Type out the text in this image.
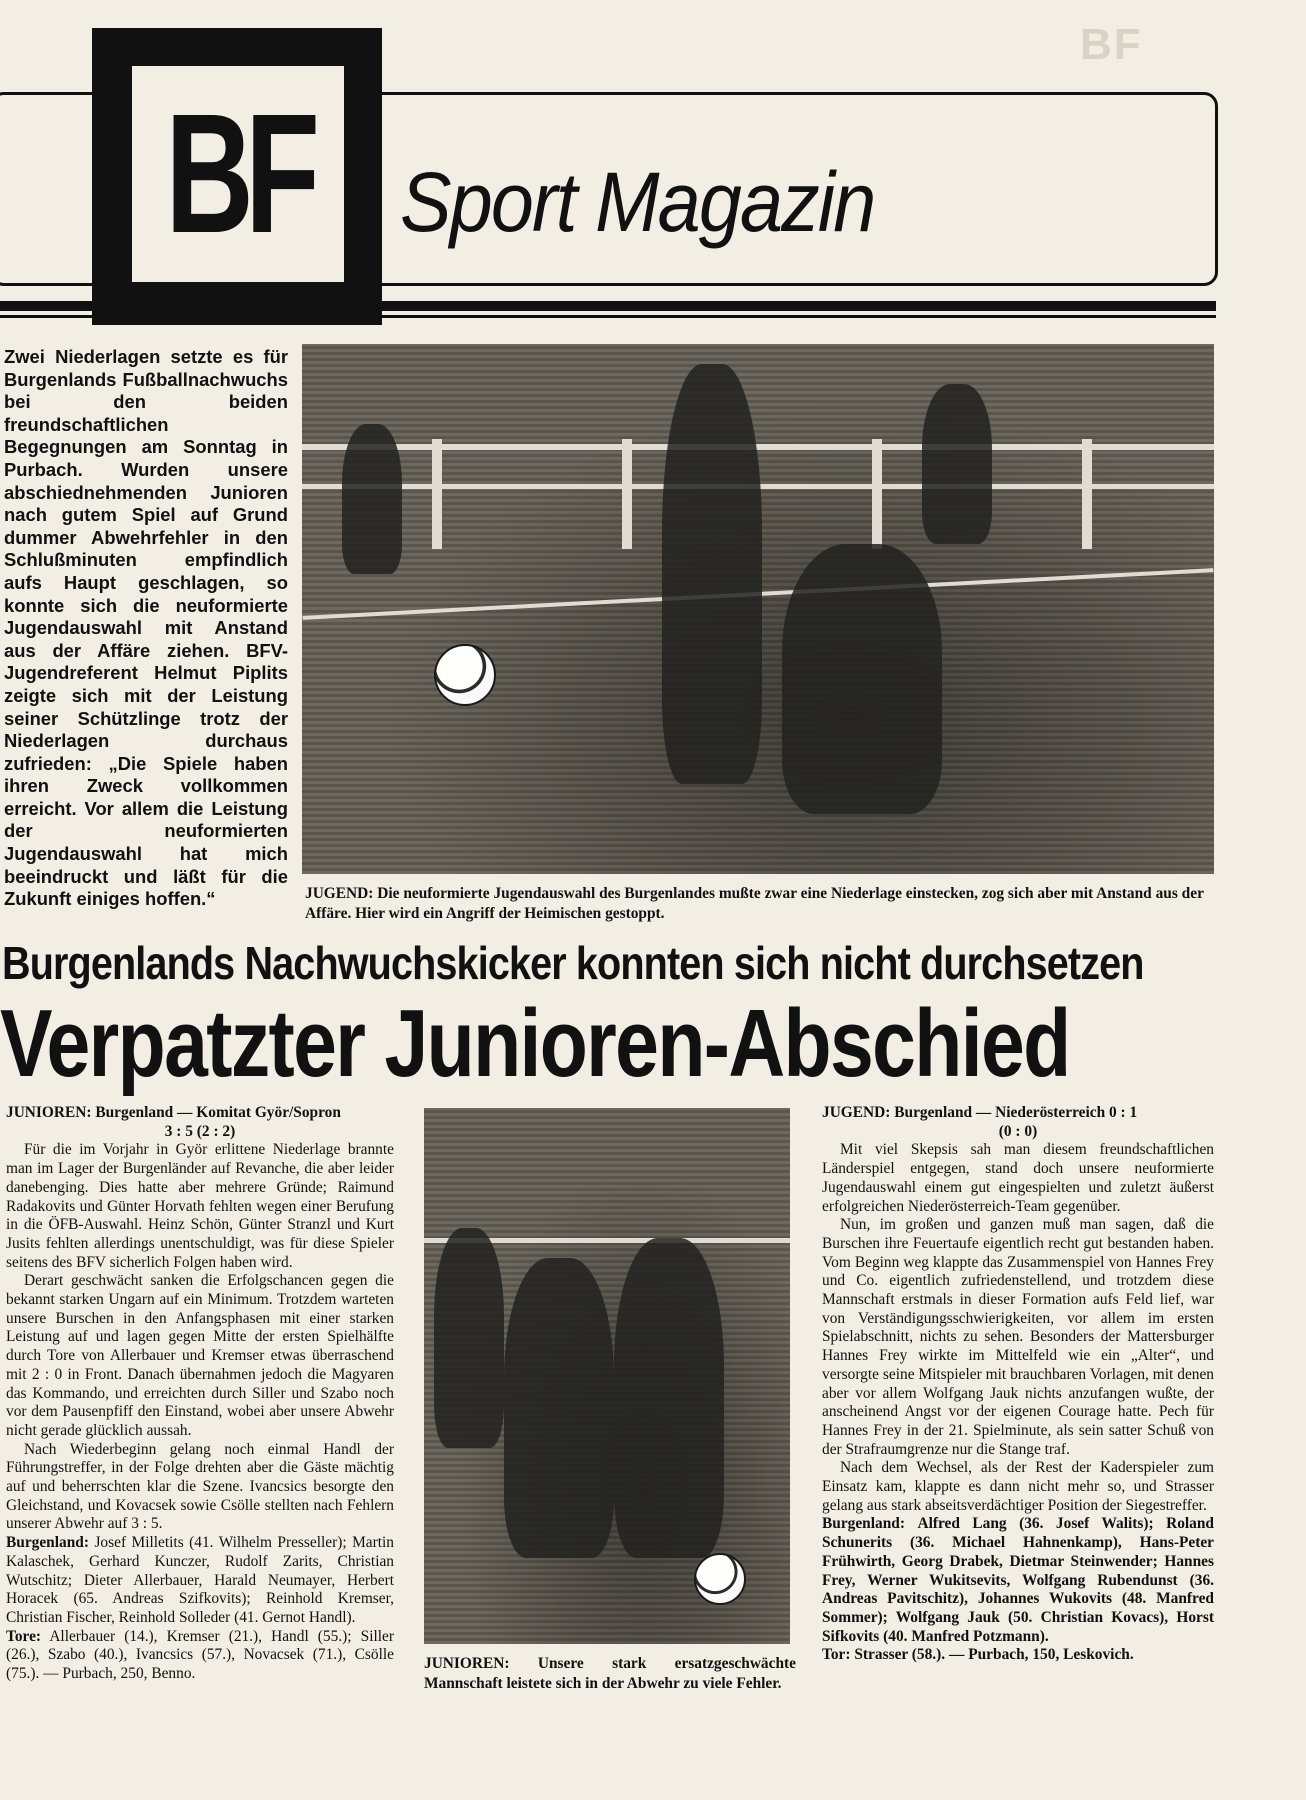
BF
BF Sport Magazin
Zwei Niederlagen setzte es für Burgenlands Fußballnachwuchs bei den beiden freundschaftlichen Begegnungen am Sonntag in Purbach. Wurden unsere abschiednehmenden Junioren nach gutem Spiel auf Grund dummer Abwehrfehler in den Schlußminuten empfindlich aufs Haupt geschlagen, so konnte sich die neuformierte Jugendauswahl mit Anstand aus der Affäre ziehen. BFV-Jugendreferent Helmut Piplits zeigte sich mit der Leistung seiner Schützlinge trotz der Niederlagen durchaus zufrieden: „Die Spiele haben ihren Zweck vollkommen erreicht. Vor allem die Leistung der neuformierten Jugendauswahl hat mich beeindruckt und läßt für die Zukunft einiges hoffen.“	JUGEND: Die neuformierte Jugendauswahl des Burgenlandes mußte zwar eine Niederlage einstecken, zog sich aber mit Anstand aus der Affäre. Hier wird ein Angriff der Heimischen gestoppt.
Burgenlands Nachwuchskicker konnten sich nicht durchsetzen
Verpatzter Junioren-Abschied

JUNIOREN: Burgenland — Komitat Györ/Sopron

3 : 5 (2 : 2)

Für die im Vorjahr in Györ erlittene Niederlage brannte man im Lager der Burgenländer auf Revanche, die aber leider danebenging. Dies hatte aber mehrere Gründe; Raimund Radakovits und Günter Horvath fehlten wegen einer Berufung in die ÖFB-Auswahl. Heinz Schön, Günter Stranzl und Kurt Jusits fehlten allerdings unentschuldigt, was für diese Spieler seitens des BFV sicherlich Folgen haben wird.

Derart geschwächt sanken die Erfolgschancen gegen die bekannt starken Ungarn auf ein Minimum. Trotzdem warteten unsere Burschen in den Anfangsphasen mit einer starken Leistung auf und lagen gegen Mitte der ersten Spielhälfte durch Tore von Allerbauer und Kremser etwas überraschend mit 2 : 0 in Front. Danach übernahmen jedoch die Magyaren das Kommando, und erreichten durch Siller und Szabo noch vor dem Pausenpfiff den Einstand, wobei aber unsere Abwehr nicht gerade glücklich aussah.

Nach Wiederbeginn gelang noch einmal Handl der Führungstreffer, in der Folge drehten aber die Gäste mächtig auf und beherrschten klar die Szene. Ivancsics besorgte den Gleichstand, und Kovacsek sowie Csölle stellten nach Fehlern unserer Abwehr auf 3 : 5.

Burgenland: Josef Milletits (41. Wilhelm Presseller); Martin Kalaschek, Gerhard Kunczer, Rudolf Zarits, Christian Wutschitz; Dieter Allerbauer, Harald Neumayer, Herbert Horacek (65. Andreas Szifkovits); Reinhold Kremser, Christian Fischer, Reinhold Solleder (41. Gernot Handl).

Tore: Allerbauer (14.), Kremser (21.), Handl (55.); Siller (26.), Szabo (40.), Ivancsics (57.), Novacsek (71.), Csölle (75.). — Purbach, 250, Benno.

JUNIOREN: Unsere stark ersatzgeschwächte Mannschaft leistete sich in der Abwehr zu viele Fehler.

JUGEND: Burgenland — Niederösterreich 0 : 1

(0 : 0)

Mit viel Skepsis sah man diesem freundschaftlichen Länderspiel entgegen, stand doch unsere neuformierte Jugendauswahl einem gut eingespielten und zuletzt äußerst erfolgreichen Niederösterreich-Team gegenüber.

Nun, im großen und ganzen muß man sagen, daß die Burschen ihre Feuertaufe eigentlich recht gut bestanden haben. Vom Beginn weg klappte das Zusammenspiel von Hannes Frey und Co. eigentlich zufriedenstellend, und trotzdem diese Mannschaft erstmals in dieser Formation aufs Feld lief, war von Verständigungsschwierigkeiten, vor allem im ersten Spielabschnitt, nichts zu sehen. Besonders der Mattersburger Hannes Frey wirkte im Mittelfeld wie ein „Alter“, und versorgte seine Mitspieler mit brauchbaren Vorlagen, mit denen aber vor allem Wolfgang Jauk nichts anzufangen wußte, der anscheinend Angst vor der eigenen Courage hatte. Pech für Hannes Frey in der 21. Spielminute, als sein satter Schuß von der Strafraumgrenze nur die Stange traf.

Nach dem Wechsel, als der Rest der Kaderspieler zum Einsatz kam, klappte es dann nicht mehr so, und Strasser gelang aus stark abseitsverdächtiger Position der Siegestreffer.

Burgenland: Alfred Lang (36. Josef Walits); Roland Schunerits (36. Michael Hahnenkamp), Hans-Peter Frühwirth, Georg Drabek, Dietmar Steinwender; Hannes Frey, Werner Wukitsevits, Wolfgang Rubendunst (36. Andreas Pavitschitz), Johannes Wukovits (48. Manfred Sommer); Wolfgang Jauk (50. Christian Kovacs), Horst Sifkovits (40. Manfred Potzmann).

Tor: Strasser (58.). — Purbach, 150, Leskovich.
